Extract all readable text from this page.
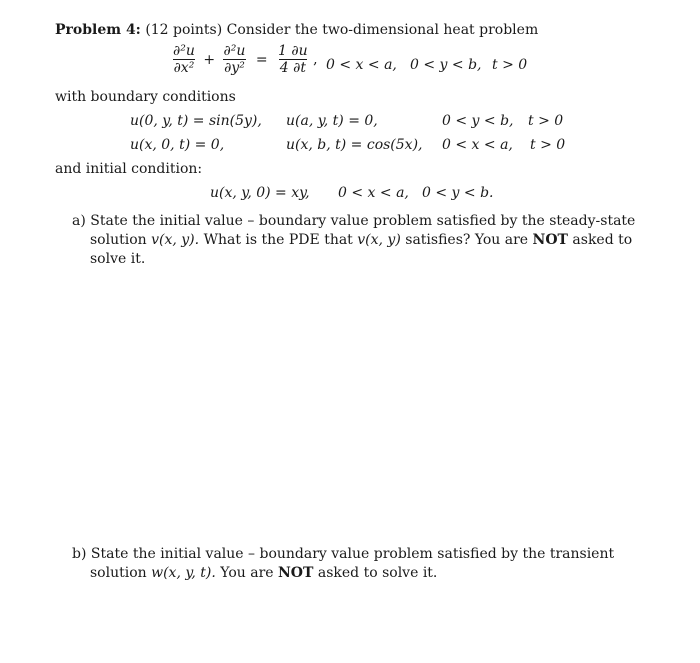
Problem 4: (12 points) Consider the two-dimensional heat problem
$\frac{\text{∂²u}}{\text{∂x²}} + \frac{\text{∂²u}}{\text{∂y²}} = \frac{1 \partial u}{4 \partial t}$ , 0 < x < a, 0 < y < b, t > 0
with boundary conditions
u(0, y, t) = sin(5y), u(a, y, t) = 0,	0 < y < b, t > 0
u(x, 0, t) = 0,	u(x, b, t) = cos(5x), 0 < x < a, t > 0
and initial condition:
u(x, y, 0) = xy, 0 < x < a, 0 < y < b.
a) State the initial value – boundary value problem satisfied by the steady-state solution v(x, y). What is the PDE that v(x, y) satisfies? You are NOT asked to solve it.
b) State the initial value – boundary value problem satisfied by the transient solution w(x, y, t). You are NOT asked to solve it.
